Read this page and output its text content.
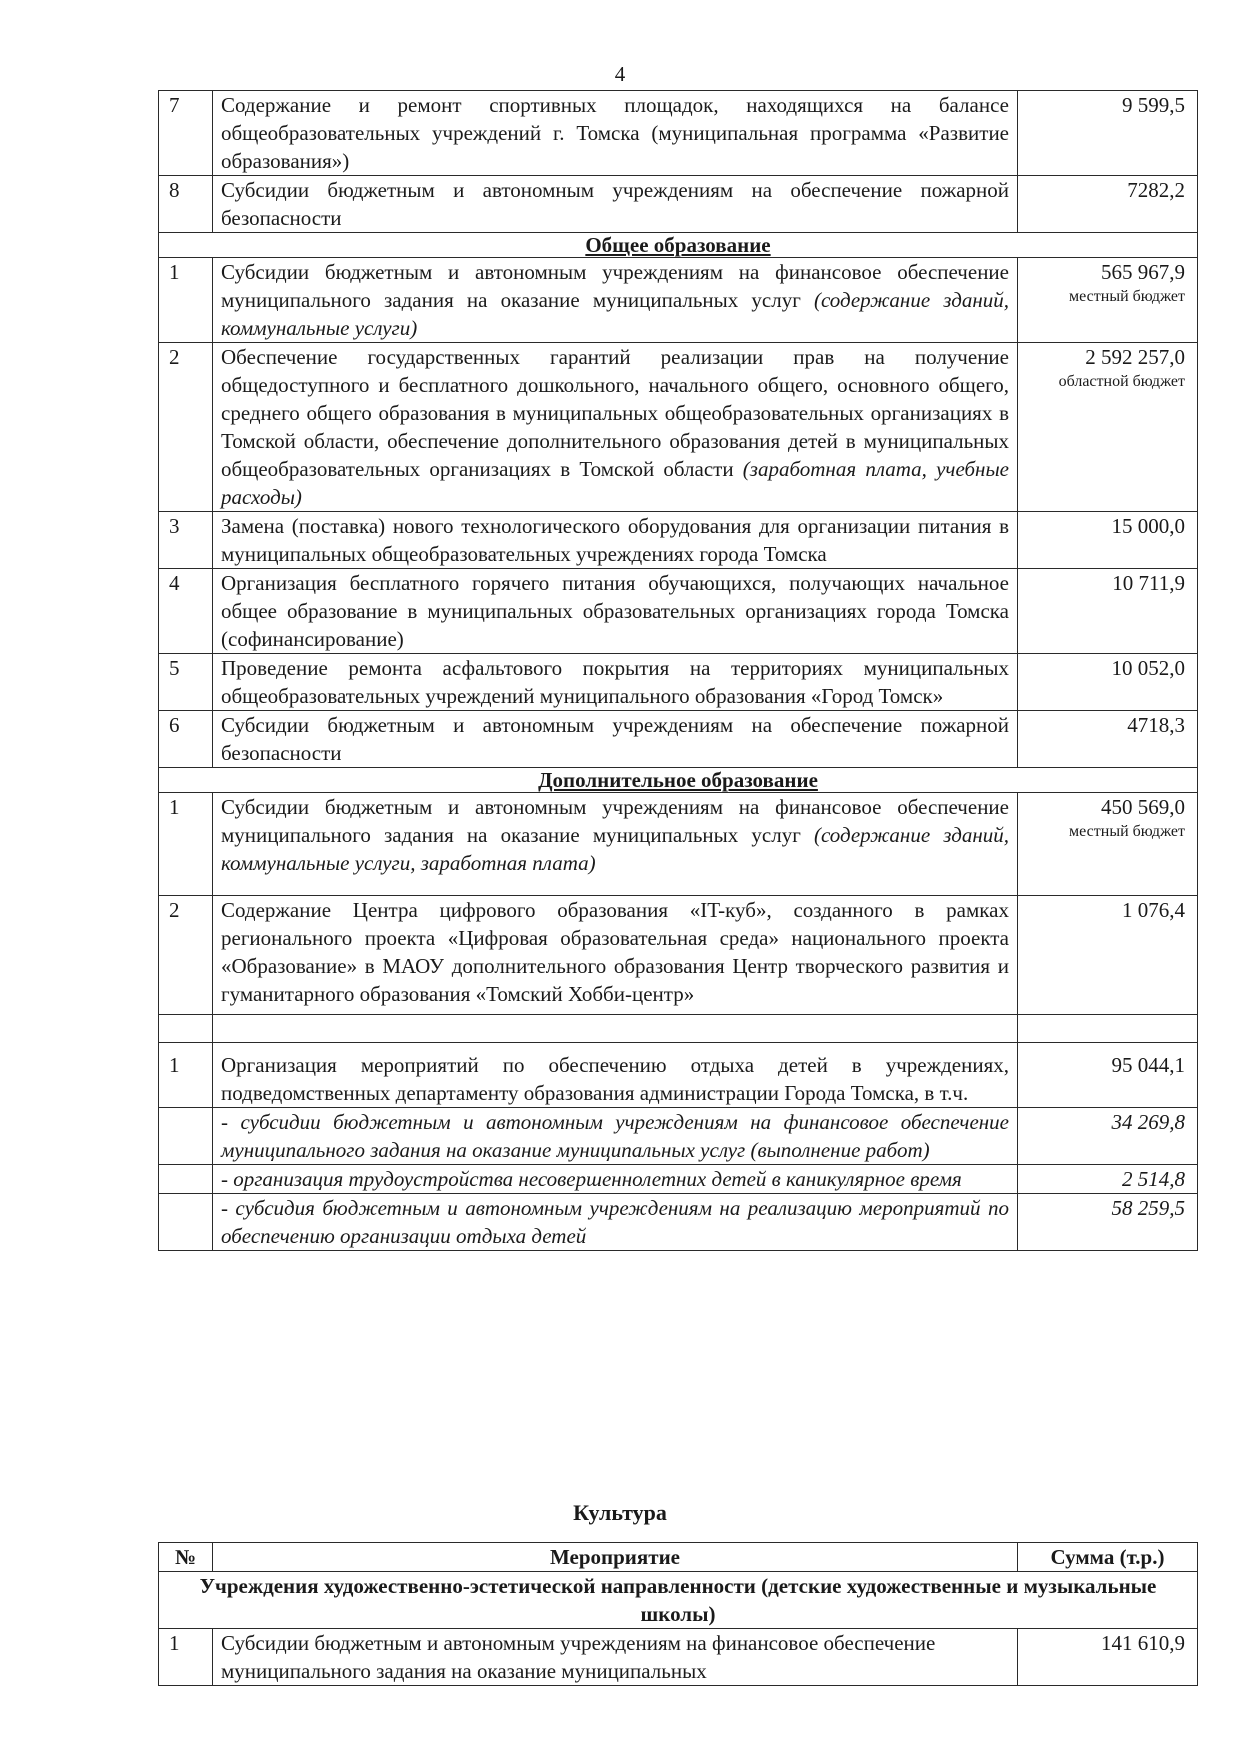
4
7	Содержание и ремонт спортивных площадок, находящихся на балансе общеобразовательных учреждений г. Томска (муниципальная программа «Развитие образования»)	9 599,5
8	Субсидии бюджетным и автономным учреждениям на обеспечение пожарной безопасности	7282,2
Общее образование		
1	Субсидии бюджетным и автономным учреждениям на финансовое обеспечение муниципального задания на оказание муниципальных услуг (содержание зданий, коммунальные услуги)	565 967,9
местный бюджет

2	Обеспечение государственных гарантий реализации прав на получение общедоступного и бесплатного дошкольного, начального общего, основного общего, среднего общего образования в муниципальных общеобразовательных организациях в Томской области, обеспечение дополнительного образования детей в муниципальных общеобразовательных организациях в Томской области (заработная плата, учебные расходы)	2 592 257,0
областной бюджет

3	Замена (поставка) нового технологического оборудования для организации питания в муниципальных общеобразовательных учреждениях города Томска	15 000,0
4	Организация бесплатного горячего питания обучающихся, получающих начальное общее образование в муниципальных образовательных организациях города Томска (софинансирование)	10 711,9
5	Проведение ремонта асфальтового покрытия на территориях муниципальных общеобразовательных учреждений муниципального образования «Город Томск»	10 052,0
6	Субсидии бюджетным и автономным учреждениям на обеспечение пожарной безопасности	4718,3
Дополнительное образование		
1	Субсидии бюджетным и автономным учреждениям на финансовое обеспечение муниципального задания на оказание муниципальных услуг (содержание зданий, коммунальные услуги, заработная плата)	450 569,0
местный бюджет

2	Содержание Центра цифрового образования «IT-куб», созданного в рамках регионального проекта «Цифровая образовательная среда» национального проекта «Образование» в МАОУ дополнительного образования Центр творческого развития и гуманитарного образования «Томский Хобби-центр»	1 076,4

1	Организация мероприятий по обеспечению отдыха детей в учреждениях, подведомственных департаменту образования администрации Города Томска, в т.ч.	95 044,1
	- субсидии бюджетным и автономным учреждениям на финансовое обеспечение муниципального задания на оказание муниципальных услуг (выполнение работ)	34 269,8
	- организация трудоустройства несовершеннолетних детей в каникулярное время	2 514,8
	- субсидия бюджетным и автономным учреждениям на реализацию мероприятий по обеспечению организации отдыха детей	58 259,5
Культура
№	Мероприятие	Сумма (т.р.)
Учреждения художественно-эстетической направленности (детские художественные и музыкальные школы)		
1	Субсидии бюджетным и автономным учреждениям на финансовое обеспечение муниципального задания на оказание муниципальных	141 610,9
